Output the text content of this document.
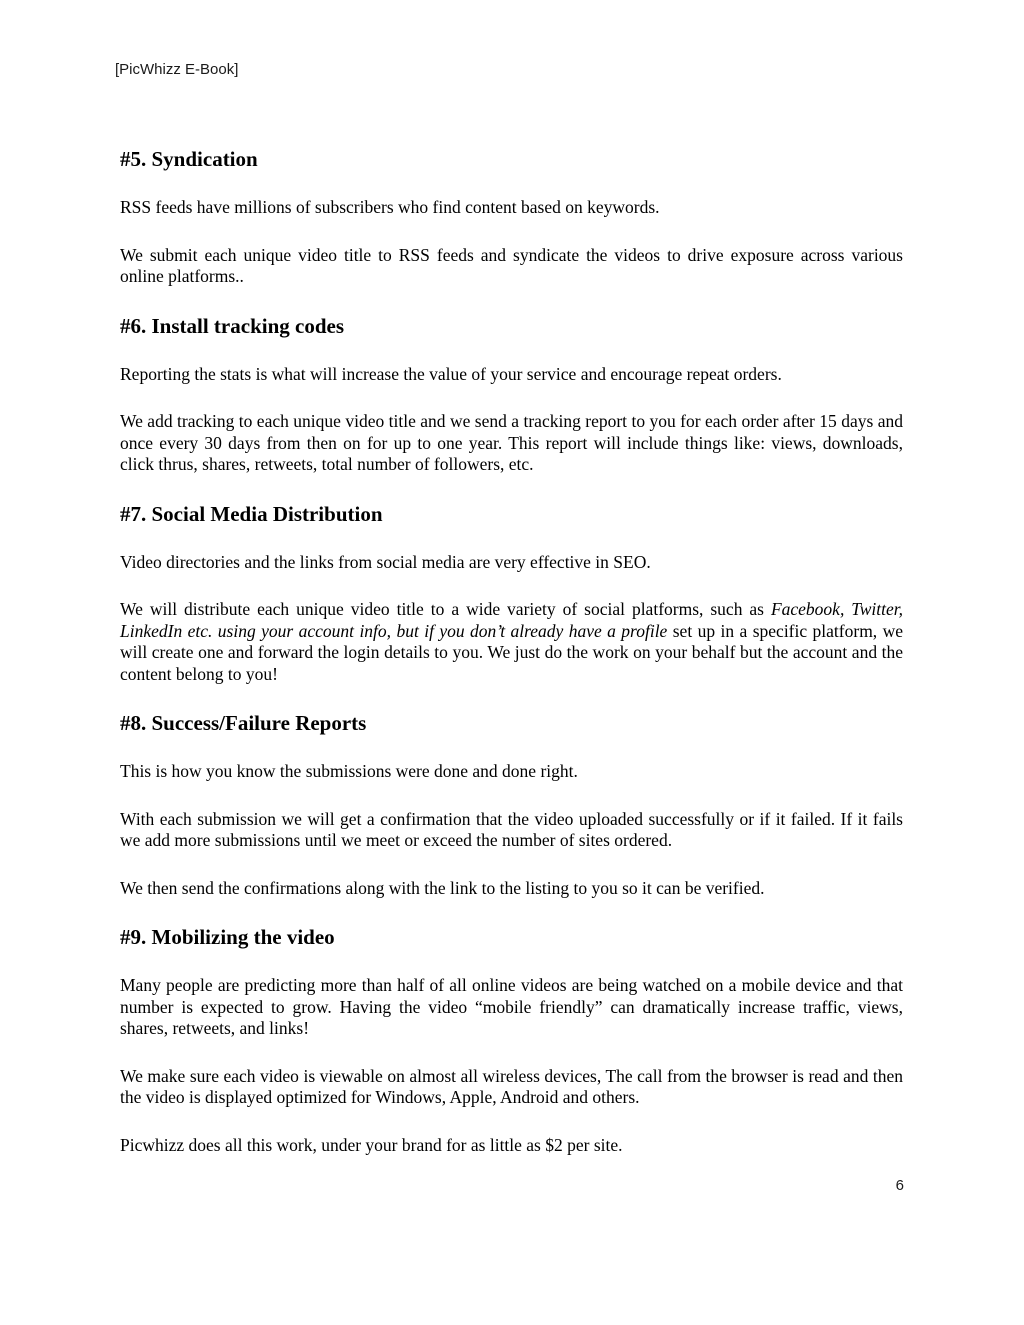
[PicWhizz E-Book]
#5. Syndication

RSS feeds have millions of subscribers who find content based on keywords.

We submit each unique video title to RSS feeds and syndicate the videos to drive exposure across various online platforms..

#6. Install tracking codes

Reporting the stats is what will increase the value of your service and encourage repeat orders.

We add tracking to each unique video title and we send a tracking report to you for each order after 15 days and once every 30 days from then on for up to one year. This report will include things like: views, downloads, click thrus, shares, retweets, total number of followers, etc.

#7. Social Media Distribution

Video directories and the links from social media are very effective in SEO.

We will distribute each unique video title to a wide variety of social platforms, such as Facebook, Twitter, LinkedIn etc. using your account info, but if you don’t already have a profile set up in a specific platform, we will create one and forward the login details to you. We just do the work on your behalf but the account and the content belong to you!

#8. Success/Failure Reports

This is how you know the submissions were done and done right.

With each submission we will get a confirmation that the video uploaded successfully or if it failed. If it fails we add more submissions until we meet or exceed the number of sites ordered.

We then send the confirmations along with the link to the listing to you so it can be verified.

#9. Mobilizing the video

Many people are predicting more than half of all online videos are being watched on a mobile device and that number is expected to grow. Having the video “mobile friendly” can dramatically increase traffic, views, shares, retweets, and links!

We make sure each video is viewable on almost all wireless devices, The call from the browser is read and then the video is displayed optimized for Windows, Apple, Android and others.

Picwhizz does all this work, under your brand for as little as $2 per site.

6
